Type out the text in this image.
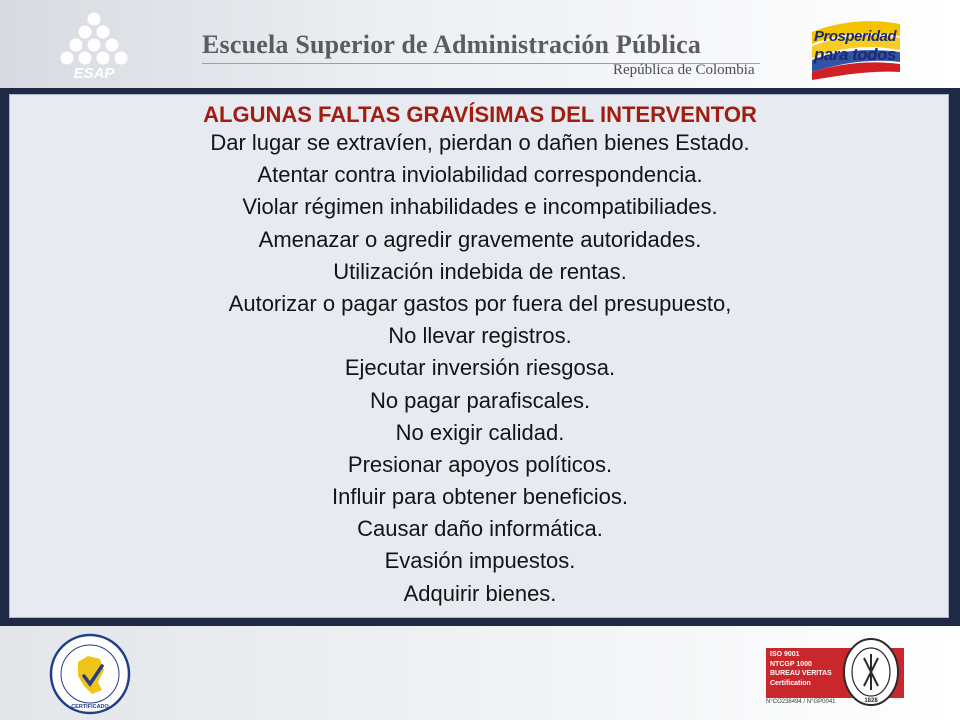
ESAP
Escuela Superior de Administración Pública
República de Colombia
Prosperidad
para todos
ALGUNAS FALTAS GRAVÍSIMAS DEL INTERVENTOR
Dar lugar se extravíen, pierdan o dañen bienes Estado.
Atentar contra inviolabilidad correspondencia.
Violar régimen inhabilidades e incompatibiliades.
Amenazar o agredir gravemente autoridades.
Utilización indebida de rentas.
Autorizar o pagar gastos por fuera del presupuesto,
No llevar registros.
Ejecutar inversión riesgosa.
No pagar parafiscales.
No exigir calidad.
Presionar apoyos políticos.
Influir para obtener beneficios.
Causar daño informática.
Evasión impuestos.
Adquirir bienes.
CERTIFICADO
ISO 9001
NTCGP 1000
BUREAU VERITAS
Certification
N°CO238494 / N°GP0041	1828
